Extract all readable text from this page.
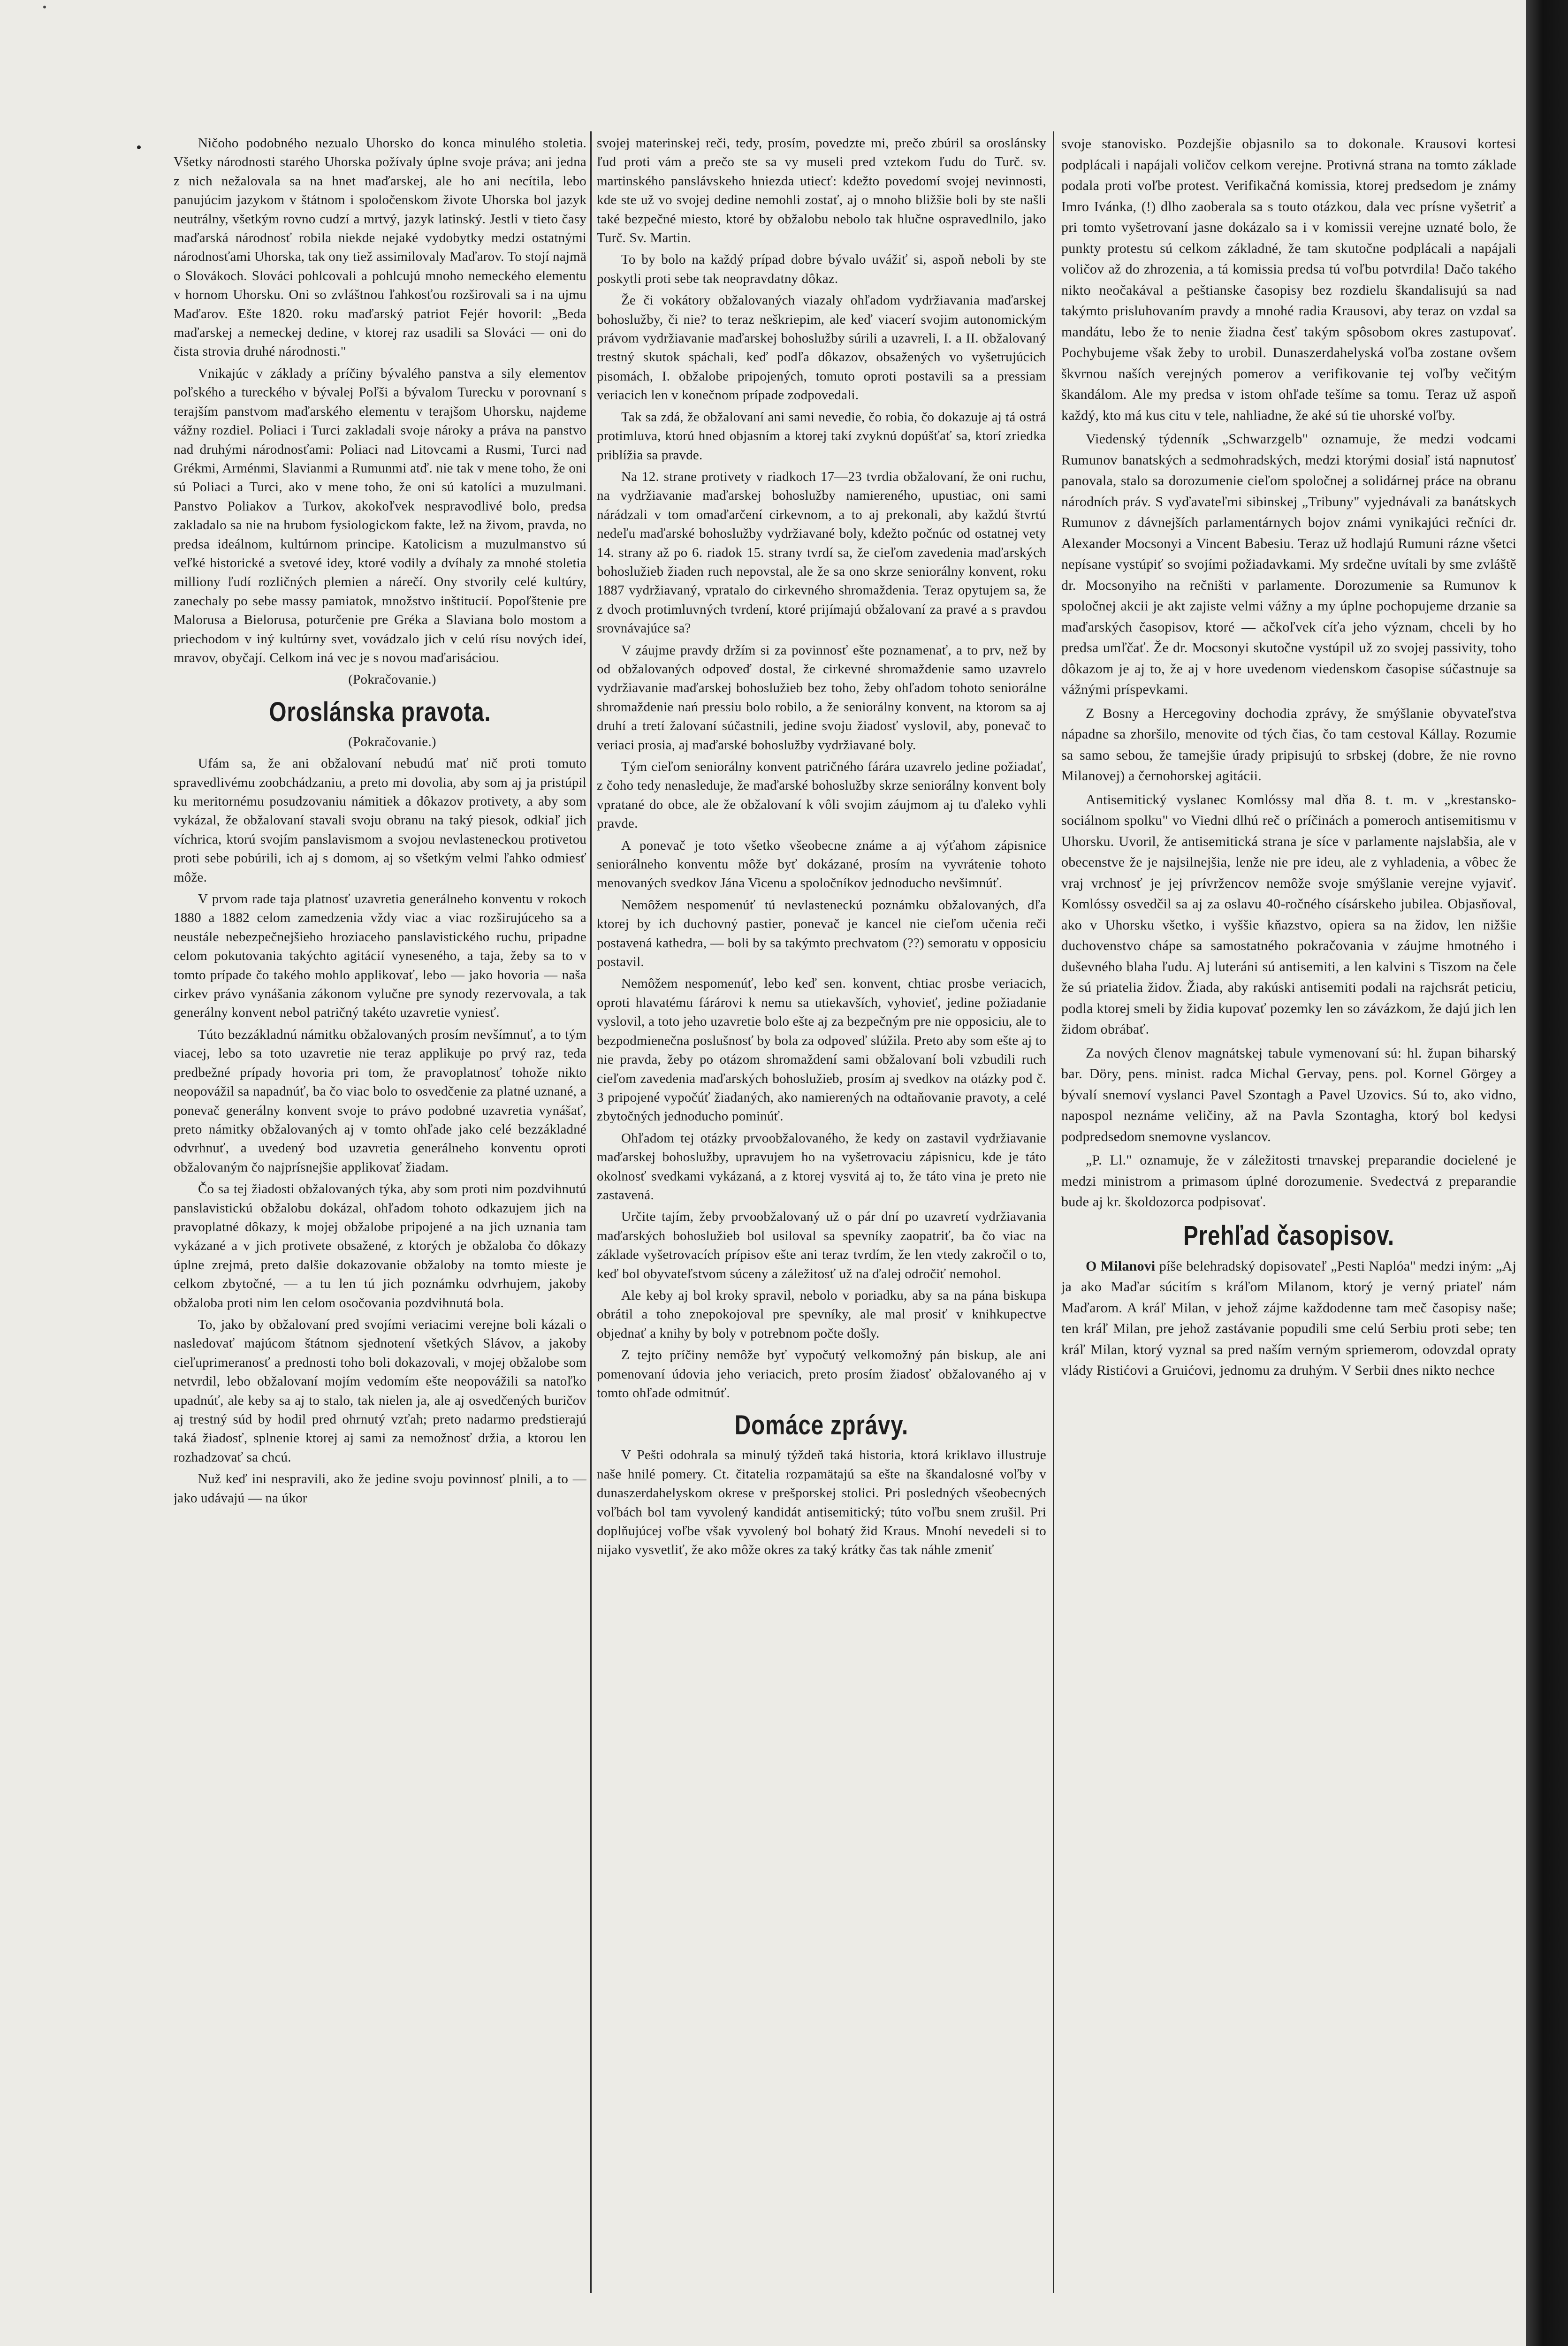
Ničoho podobného nezualo Uhorsko do konca minulého stoletia. Všetky národnosti starého Uhorska požívaly úplne svoje práva; ani jedna z nich nežalovala sa na hnet maďarskej, ale ho ani necítila, lebo panujúcim jazykom v štátnom i spoločenskom živote Uhorska bol jazyk neutrálny, všetkým rovno cudzí a mrtvý, jazyk latinský. Jestli v tieto časy maďarská národnosť robila niekde nejaké vydobytky medzi ostatnými národnosťami Uhorska, tak ony tiež assimilovaly Maďarov. To stojí najmä o Slovákoch. Slováci pohlcovali a pohlcujú mnoho nemeckého elementu v hornom Uhorsku. Oni so zvláštnou ľahkosťou rozširovali sa i na ujmu Maďarov. Ešte 1820. roku maďarský patriot Fejér hovoril: „Beda maďarskej a nemeckej dedine, v ktorej raz usadili sa Slováci — oni do čista strovia druhé národnosti."

Vnikajúc v základy a príčiny bývalého panstva a sily elementov poľského a tureckého v bývalej Poľši a bývalom Turecku v porovnaní s terajším panstvom maďarského elementu v terajšom Uhorsku, najdeme vážny rozdiel. Poliaci i Turci zakladali svoje nároky a práva na panstvo nad druhými národnosťami: Poliaci nad Litovcami a Rusmi, Turci nad Grékmi, Arménmi, Slavianmi a Rumunmi atď. nie tak v mene toho, že oni sú Poliaci a Turci, ako v mene toho, že oni sú katolíci a muzulmani. Panstvo Poliakov a Turkov, akokoľvek nespravodlivé bolo, predsa zakladalo sa nie na hrubom fysiologickom fakte, lež na živom, pravda, no predsa ideálnom, kultúrnom principe. Katolicism a muzulmanstvo sú veľké historické a svetové idey, ktoré vodily a dvíhaly za mnohé stoletia milliony ľudí rozličných plemien a nárečí. Ony stvorily celé kultúry, zanechaly po sebe massy pamiatok, množstvo inštitucií. Popoľštenie pre Malorusa a Bielorusa, poturčenie pre Gréka a Slavianа bolo mostom a priechodom v iný kultúrny svet, vovádzalo jich v celú rísu nových ideí, mravov, obyčají. Celkom iná vec je s novou maďarisáciou.

(Pokračovanie.)

Oroslánska pravota.

(Pokračovanie.)

Ufám sa, že ani obžalovaní nebudú mať nič proti tomuto spravedlivému zoobchádzaniu, a preto mi dovolia, aby som aj ja pristúpil ku meritornému posudzovaniu námitiek a dôkazov protivety, a aby som vykázal, že obžalovaní stavali svoju obranu na taký piesok, odkiaľ jich víchrica, ktorú svojím panslavismom a svojou nevlasteneckou protivetou proti sebe pobúrili, ich aj s domom, aj so všetkým velmi ľahko odmiesť môže.

V prvom rade taja platnosť uzavretia generálneho konventu v rokoch 1880 a 1882 celom zamedzenia vždy viac a viac rozširujúceho sa a neustále nebezpečnejšieho hroziaceho panslavistického ruchu, pripadne celom pokutovania takýchto agitácií vyneseného, a taja, žeby sa to v tomto prípade čo takého mohlo applikovať, lebo — jako hovoria — naša cirkev právo vynášania zákonom vylučne pre synody rezervovala, a tak generálny konvent nebol patričný takéto uzavretie vyniesť.

Túto bezzákladnú námitku obžalovaných prosím nevšímnuť, a to tým viacej, lebo sa toto uzavretie nie teraz applikuje po prvý raz, teda predbežné prípady hovoria pri tom, že pravoplatnosť tohože nikto neopovážil sa napadnúť, ba čo viac bolo to osvedčenie za platné uznané, a ponevač generálny konvent svoje to právo podobné uzavretia vynášať, preto námitky obžalovaných aj v tomto ohľade jako celé bezzákladné odvrhnuť, a uvedený bod uzavretia generálneho konventu oproti obžalovaným čo najprísnejšie applikovať žiadam.

Čo sa tej žiadosti obžalovaných týka, aby som proti nim pozdvihnutú panslavistickú obžalobu dokázal, ohľadom tohoto odkazujem jich na pravoplatné dôkazy, k mojej obžalobe pripojené a na jich uznania tam vykázané a v jich protivete obsažené, z ktorých je obžaloba čo dôkazy úplne zrejmá, preto dalšie dokazovanie obžaloby na tomto mieste je celkom zbytočné, — a tu len tú jich poznámku odvrhujem, jakoby obžaloba proti nim len celom osočovania pozdvihnutá bola.

To, jako by obžalovaní pred svojími veriacimi verejne boli kázali o nasledovať majúcom štátnom sjednotení všetkých Slávov, a jakoby cieľuprimeranosť a prednosti toho boli dokazovali, v mojej obžalobe som netvrdil, lebo obžalovaní mojím vedomím ešte neopovážili sa natoľko upadnúť, ale keby sa aj to stalo, tak nielen ja, ale aj osvedčených buričov aj trestný súd by hodil pred ohrnutý vzťah; preto nadarmo predstierajú taká žiadosť, splnenie ktorej aj sami za nemožnosť držia, a ktorou len rozhadzovať sa chcú.

Nuž keď ini nespravili, ako že jedine svoju povinnosť plnili, a to — jako udávajú — na úkor

svojej materinskej reči, tedy, prosím, povedzte mi, prečo zbúril sa oroslánsky ľud proti vám a prečo ste sa vy museli pred vztekom ľudu do Turč. sv. martinského panslávskeho hniezda utiecť: kdežto povedomí svojej nevinnosti, kde ste už vo svojej dedine nemohli zostať, aj o mnoho bližšie boli by ste našli také bezpečné miesto, ktoré by obžalobu nebolo tak hlučne ospravedlnilo, jako Turč. Sv. Martin.

To by bolo na každý prípad dobre bývalo uvážiť si, aspoň neboli by ste poskytli proti sebe tak neopravdatny dôkaz.

Že či vokátory obžalovaných viazaly ohľadom vydržiavania maďarskej bohoslužby, či nie? to teraz neškriepim, ale keď viacerí svojim autonomickým právom vydržiavanie maďarskej bohoslužby súrili a uzavreli, I. a II. obžalovaný trestný skutok spáchali, keď podľa dôkazov, obsažených vo vyšetrujúcich pisomách, I. obžalobe pripojených, tomuto oproti postavili sa a pressiam veriacich len v konečnom prípade zodpovedali.

Tak sa zdá, že obžalovaní ani sami nevedie, čo robia, čo dokazuje aj tá ostrá protimluva, ktorú hned objasním a ktorej takí zvyknú dopúšťať sa, ktorí zriedka priblížia sa pravde.

Na 12. strane protivety v riadkoch 17—23 tvrdia obžalovaní, že oni ruchu, na vydržiavanie maďarskej bohoslužby namiereného, upustiac, oni sami nárádzali v tom omaďarčení cirkevnom, a to aj prekonali, aby každú štvrtú nedeľu maďarské bohoslužby vydržiavané boly, kdežto počnúc od ostatnej vety 14. strany až po 6. riadok 15. strany tvrdí sa, že cieľom zavedenia maďarských bohoslužieb žiaden ruch nepovstal, ale že sa ono skrze seniorálny konvent, roku 1887 vydržiavaný, vpratalo do cirkevného shromaždenia. Teraz opytujem sa, že z dvoch protimluvných tvrdení, ktoré prijímajú obžalovaní za pravé a s pravdou srovnávajúce sa?

V záujme pravdy držím si za povinnosť ešte poznamenať, a to prv, než by od obžalovaných odpoveď dostal, že cirkevné shromaždenie samo uzavrelo vydržiavanie maďarskej bohoslužieb bez toho, žeby ohľadom tohoto seniorálne shromaždenie nań pressiu bolo robilo, a že seniorálny konvent, na ktorom sa aj druhí a tretí žalovaní súčastnili, jedine svoju žiadosť vyslovil, aby, ponevač to veriaci prosia, aj maďarské bohoslužby vydržiavané boly.

Tým cieľom seniorálny konvent patričného fárára uzavrelo jedine požiadať, z čoho tedy nenasleduje, že maďarské bohoslužby skrze seniorálny konvent boly vpratané do obce, ale že obžalovaní k vôli svojim záujmom aj tu ďaleko vyhli pravde.

A ponevač je toto všetko všeobecne známe a aj výťahom zápisnice seniorálneho konventu môže byť dokázané, prosím na vyvrátenie tohoto menovaných svedkov Jána Vicenu a spoločníkov jednoducho nevšimnúť.

Nemôžem nespomenúť tú nevlasteneckú poznámku obžalovaných, dľa ktorej by ich duchovný pastier, ponevač je kancel nie cieľom učenia reči postavená kathedra, — boli by sa takýmto prechvatom (??) semoratu v opposiciu postavil.

Nemôžem nespomenúť, lebo keď sen. konvent, chtiac prosbe veriacich, oproti hlavatému fárárovi k nemu sa utiekavších, vyhovieť, jedine požiadanie vyslovil, a toto jeho uzavretie bolo ešte aj za bezpečným pre nie opposiciu, ale to bezpodmienečna poslušnosť by bola za odpoveď slúžila. Preto aby som ešte aj to nie pravda, žeby po otázom shromaždení sami obžalovaní boli vzbudili ruch cieľom zavedenia maďarských bohoslužieb, prosím aj svedkov na otázky pod č. 3 pripojené vypočúť žiadaných, ako namierených na odtaňovanie pravoty, a celé zbytočných jednoducho pominúť.

Ohľadom tej otázky prvoobžalovaného, že kedy on zastavil vydržiavanie maďarskej bohoslužby, upravujem ho na vyšetrovaciu zápisnicu, kde je táto okolnosť svedkami vykázaná, a z ktorej vysvitá aj to, že táto vina je preto nie zastavená.

Určite tajím, žeby prvoobžalovaný už o pár dní po uzavretí vydržiavania maďarských bohoslužieb bol usiloval sa spevníky zaopatriť, ba čo viac na základe vyšetrovacích prípisov ešte ani teraz tvrdím, že len vtedy zakročil o to, keď bol obyvateľstvom súceny a záležitosť už na ďalej odročiť nemohol.

Ale keby aj bol kroky spravil, nebolo v poriadku, aby sa na pána biskupa obrátil a toho znepokojoval pre spevníky, ale mal prosiť v knihkupectve objednať a knihy by boly v potrebnom počte došly.

Z tejto príčiny nemôže byť vypočutý velkomožný pán biskup, ale ani pomenovaní údovia jeho veriacich, preto prosím žiadosť obžalovaného aj v tomto ohľade odmitnúť.

Domáce zprávy.

V Pešti odohrala sa minulý týždeň taká historia, ktorá kriklavo illustruje naše hnilé pomery. Ct. čitatelia rozpamätajú sa ešte na škandalosné voľby v dunaszerdahelyskom okrese v prešporskej stolici. Pri posledných všeobecných voľbách bol tam vyvolený kandidát antisemitický; túto voľbu snem zrušil. Pri doplňujúcej voľbe však vyvolený bol bohatý žid Kraus. Mnohí nevedeli si to nijako vysvetliť, že ako môže okres za taký krátky čas tak náhle zmeniť

svoje stanovisko. Pozdejšie objasnilo sa to dokonale. Krausovi kortesi podplácali i napájali voličov celkom verejne. Protivná strana na tomto základe podala proti voľbe protest. Verifikačná komissia, ktorej predsedom je známy Imro Ivánka, (!) dlho zaoberala sa s touto otázkou, dala vec prísne vyšetriť a pri tomto vyšetrovaní jasne dokázalo sa i v komissii verejne uznaté bolo, že punkty protestu sú celkom základné, že tam skutočne podplácali a napájali voličov až do zhrozenia, a tá komissia predsa tú voľbu potvrdila! Dačo takého nikto neočakával a peštianske časopisy bez rozdielu škandalisujú sa nad takýmto prisluhovaním pravdy a mnohé radia Krausovi, aby teraz on vzdal sa mandátu, lebo že to nenie žiadna česť takým spôsobom okres zastupovať. Pochybujeme však žeby to urobil. Dunaszerdahelyská voľba zostane ovšem škvrnou naších verejných pomerov a verifikovanie tej voľby večitým škandálom. Ale my predsa v istom ohľade tešíme sa tomu. Teraz už aspoň každý, kto má kus citu v tele, nahliadne, že aké sú tie uhorské voľby.

Viedenský týdenník „Schwarzgelb" oznamuje, že medzi vodcami Rumunov banatských a sedmohradských, medzi ktorými dosiaľ istá napnutosť panovala, stalo sa dorozumenie cieľom spoločnej a solidárnej práce na obranu národních práv. S vyďavateľmi sibinskej „Tribuny" vyjednávali za banátskych Rumunov z dávnejších parlamentárnych bojov známi vynikajúci rečníci dr. Alexander Mocsonyi a Vincent Babesiu. Teraz už hodlajú Rumuni rázne všetci nepísane vystúpiť so svojími požiadavkami. My srdečne uvítali by sme zvláště dr. Mocsonyiho na rečništi v parlamente. Dorozumenie sa Rumunov k spoločnej akcii je akt zajiste velmi vážny a my úplne pochopujeme drzanie sa maďarských časopisov, ktoré — ačkoľvek cíťa jeho význam, chceli by ho predsa umľčať. Že dr. Mocsonyi skutočne vystúpil už zo svojej passivity, toho dôkazom je aj to, že aj v hore uvedenom viedenskom časopise súčastnuje sa vážnými príspevkami.

Z Bosny a Hercegoviny dochodia zprávy, že smýšlanie obyvateľstva nápadne sa zhoršilo, menovite od tých čias, čo tam cestoval Kállay. Rozumie sa samo sebou, že tamejšie úrady pripisujú to srbskej (dobre, že nie rovno Milanovej) a černohorskej agitácii.

Antisemitický vyslanec Komlóssy mal dňa 8. t. m. v „krestansko-sociálnom spolku" vo Viedni dlhú reč o príčinách a pomeroch antisemitismu v Uhorsku. Uvoril, že antisemitická strana je síce v parlamente najslabšia, ale v obecenstve že je najsilnejšia, lenže nie pre ideu, ale z vyhladenia, a vôbec že vraj vrchnosť je jej prívržencov nemôže svoje smýšlanie verejne vyjaviť. Komlóssy osvedčil sa aj za oslavu 40-ročného císárskeho jubilea. Objasňoval, ako v Uhorsku všetko, i vyššie kňazstvo, opiera sa na židov, len nižšie duchovenstvo chápe sa samostatného pokračovania v záujme hmotného i duševného blaha ľudu. Aj luteráni sú antisemiti, a len kalvini s Tiszom na čele že sú priatelia židov. Žiada, aby rakúski antisemiti podali na rajchsrát peticiu, podla ktorej smeli by židia kupovať pozemky len so závázkom, že dajú jich len židom obrábať.

Za nových členov magnátskej tabule vymenovaní sú: hl. župan biharský bar. Döry, pens. minist. radca Michal Gervay, pens. pol. Kornel Görgey a bývalí snemoví vyslanci Pavel Szontagh a Pavel Uzovics. Sú to, ako vidno, napospol neznáme veličiny, až na Pavla Szontagha, ktorý bol kedysi podpredsedom snemovne vyslancov.

„P. Ll." oznamuje, že v záležitosti trnavskej preparandie docielené je medzi ministrom a primasom úplné dorozumenie. Svedectvá z preparandie bude aj kr. školdozorca podpisovať.

Prehľad časopisov.

O Milanovi píše belehradský dopisovateľ „Pesti Naplóa" medzi iným: „Aj ja ako Maďar súcitím s kráľom Milanom, ktorý je verný priateľ nám Maďarom. A kráľ Milan, v jehož zájme každodenne tam meč časopisy naše; ten kráľ Milan, pre jehož zastávanie popudili sme celú Serbiu proti sebe; ten kráľ Milan, ktorý vyznal sa pred naším verným spriemerom, odovzdal oprаty vlády Ristićovi a Gruićovi, jednomu za druhým. V Serbii dnes nikto nechce
